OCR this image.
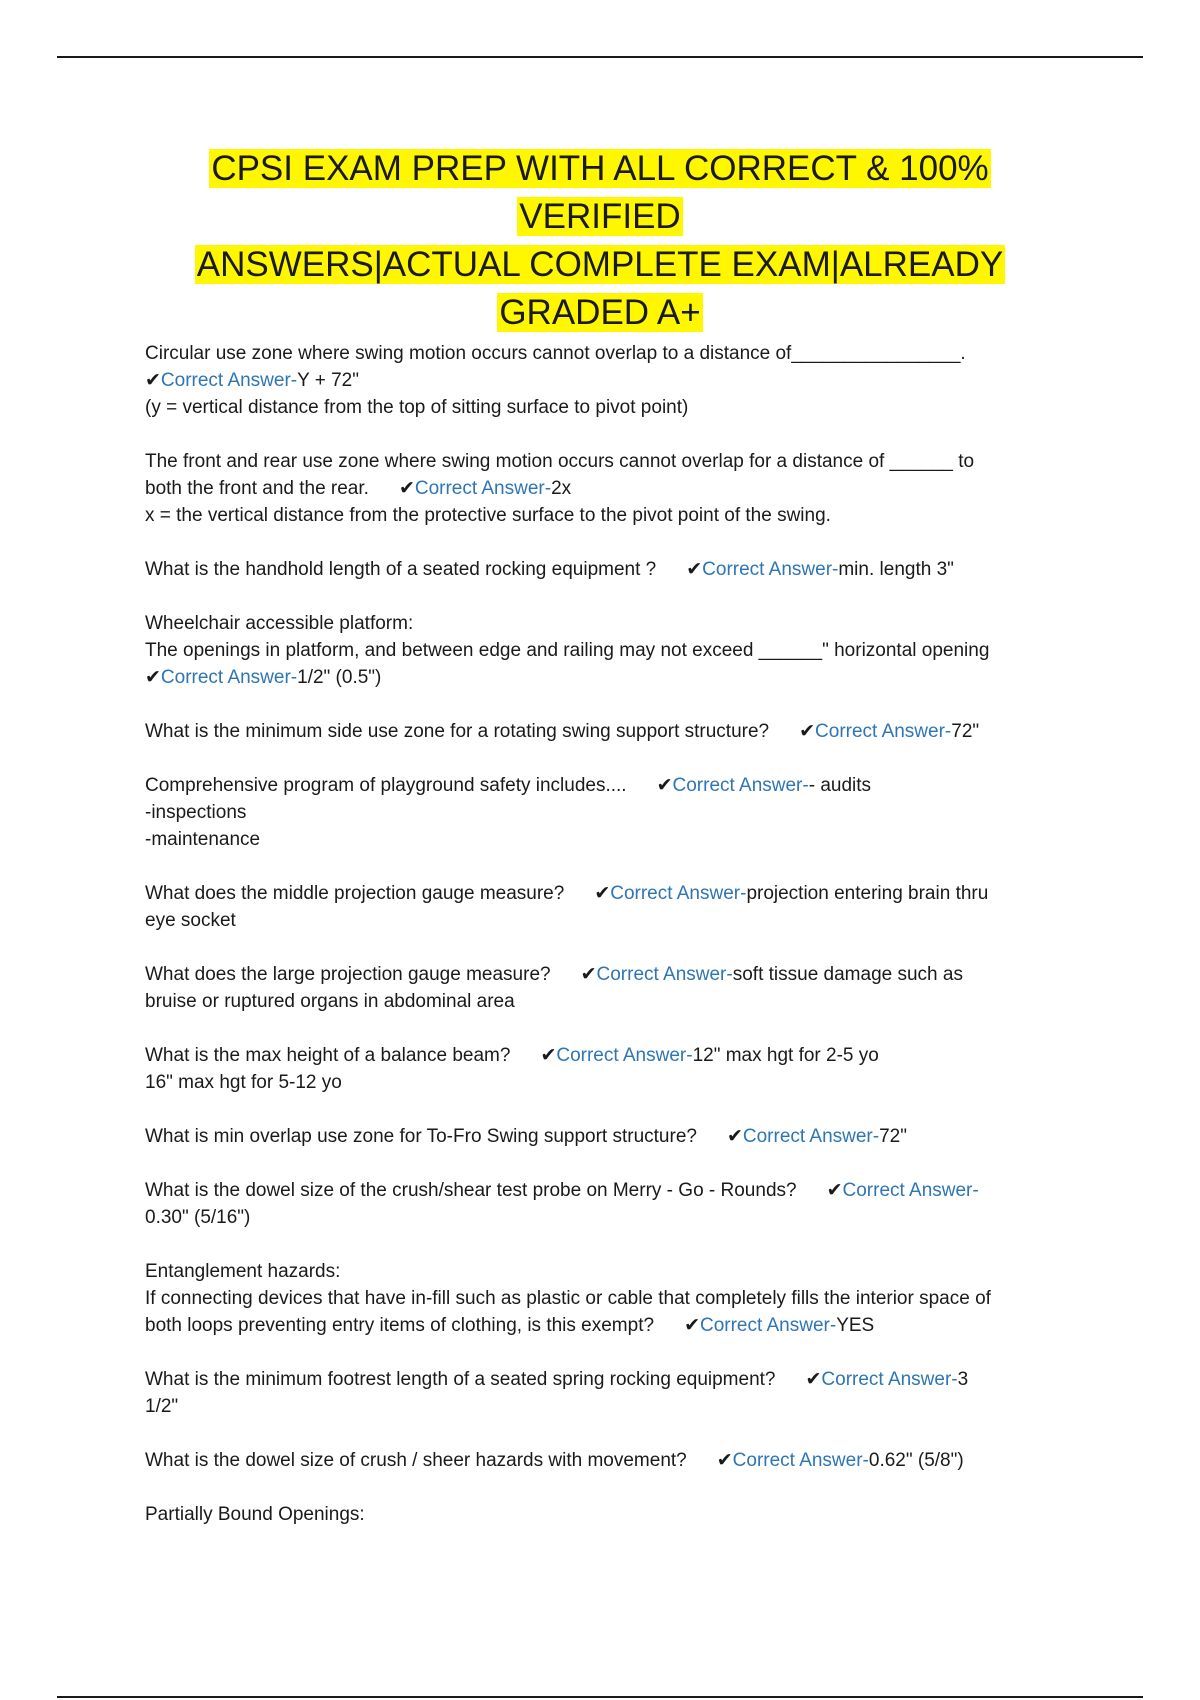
CPSI EXAM PREP WITH ALL CORRECT & 100% VERIFIED
ANSWERS|ACTUAL COMPLETE EXAM|ALREADY
GRADED A+
Circular use zone where swing motion occurs cannot overlap to a distance of________________.
✔Correct Answer-Y + 72"
(y = vertical distance from the top of sitting surface to pivot point)
The front and rear use zone where swing motion occurs cannot overlap for a distance of ______ to
both the front and the rear. ✔Correct Answer-2x
x = the vertical distance from the protective surface to the pivot point of the swing.
What is the handhold length of a seated rocking equipment ? ✔Correct Answer-min. length 3"
Wheelchair accessible platform:
The openings in platform, and between edge and railing may not exceed ______" horizontal opening
✔Correct Answer-1/2" (0.5")
What is the minimum side use zone for a rotating swing support structure? ✔Correct Answer-72"
Comprehensive program of playground safety includes.... ✔Correct Answer-- audits
-inspections
-maintenance
What does the middle projection gauge measure? ✔Correct Answer-projection entering brain thru
eye socket
What does the large projection gauge measure? ✔Correct Answer-soft tissue damage such as
bruise or ruptured organs in abdominal area
What is the max height of a balance beam? ✔Correct Answer-12" max hgt for 2-5 yo
16" max hgt for 5-12 yo
What is min overlap use zone for To-Fro Swing support structure? ✔Correct Answer-72"
What is the dowel size of the crush/shear test probe on Merry - Go - Rounds? ✔Correct Answer-
0.30" (5/16")
Entanglement hazards:
If connecting devices that have in-fill such as plastic or cable that completely fills the interior space of
both loops preventing entry items of clothing, is this exempt? ✔Correct Answer-YES
What is the minimum footrest length of a seated spring rocking equipment? ✔Correct Answer-3
1/2"
What is the dowel size of crush / sheer hazards with movement? ✔Correct Answer-0.62" (5/8")
Partially Bound Openings:
